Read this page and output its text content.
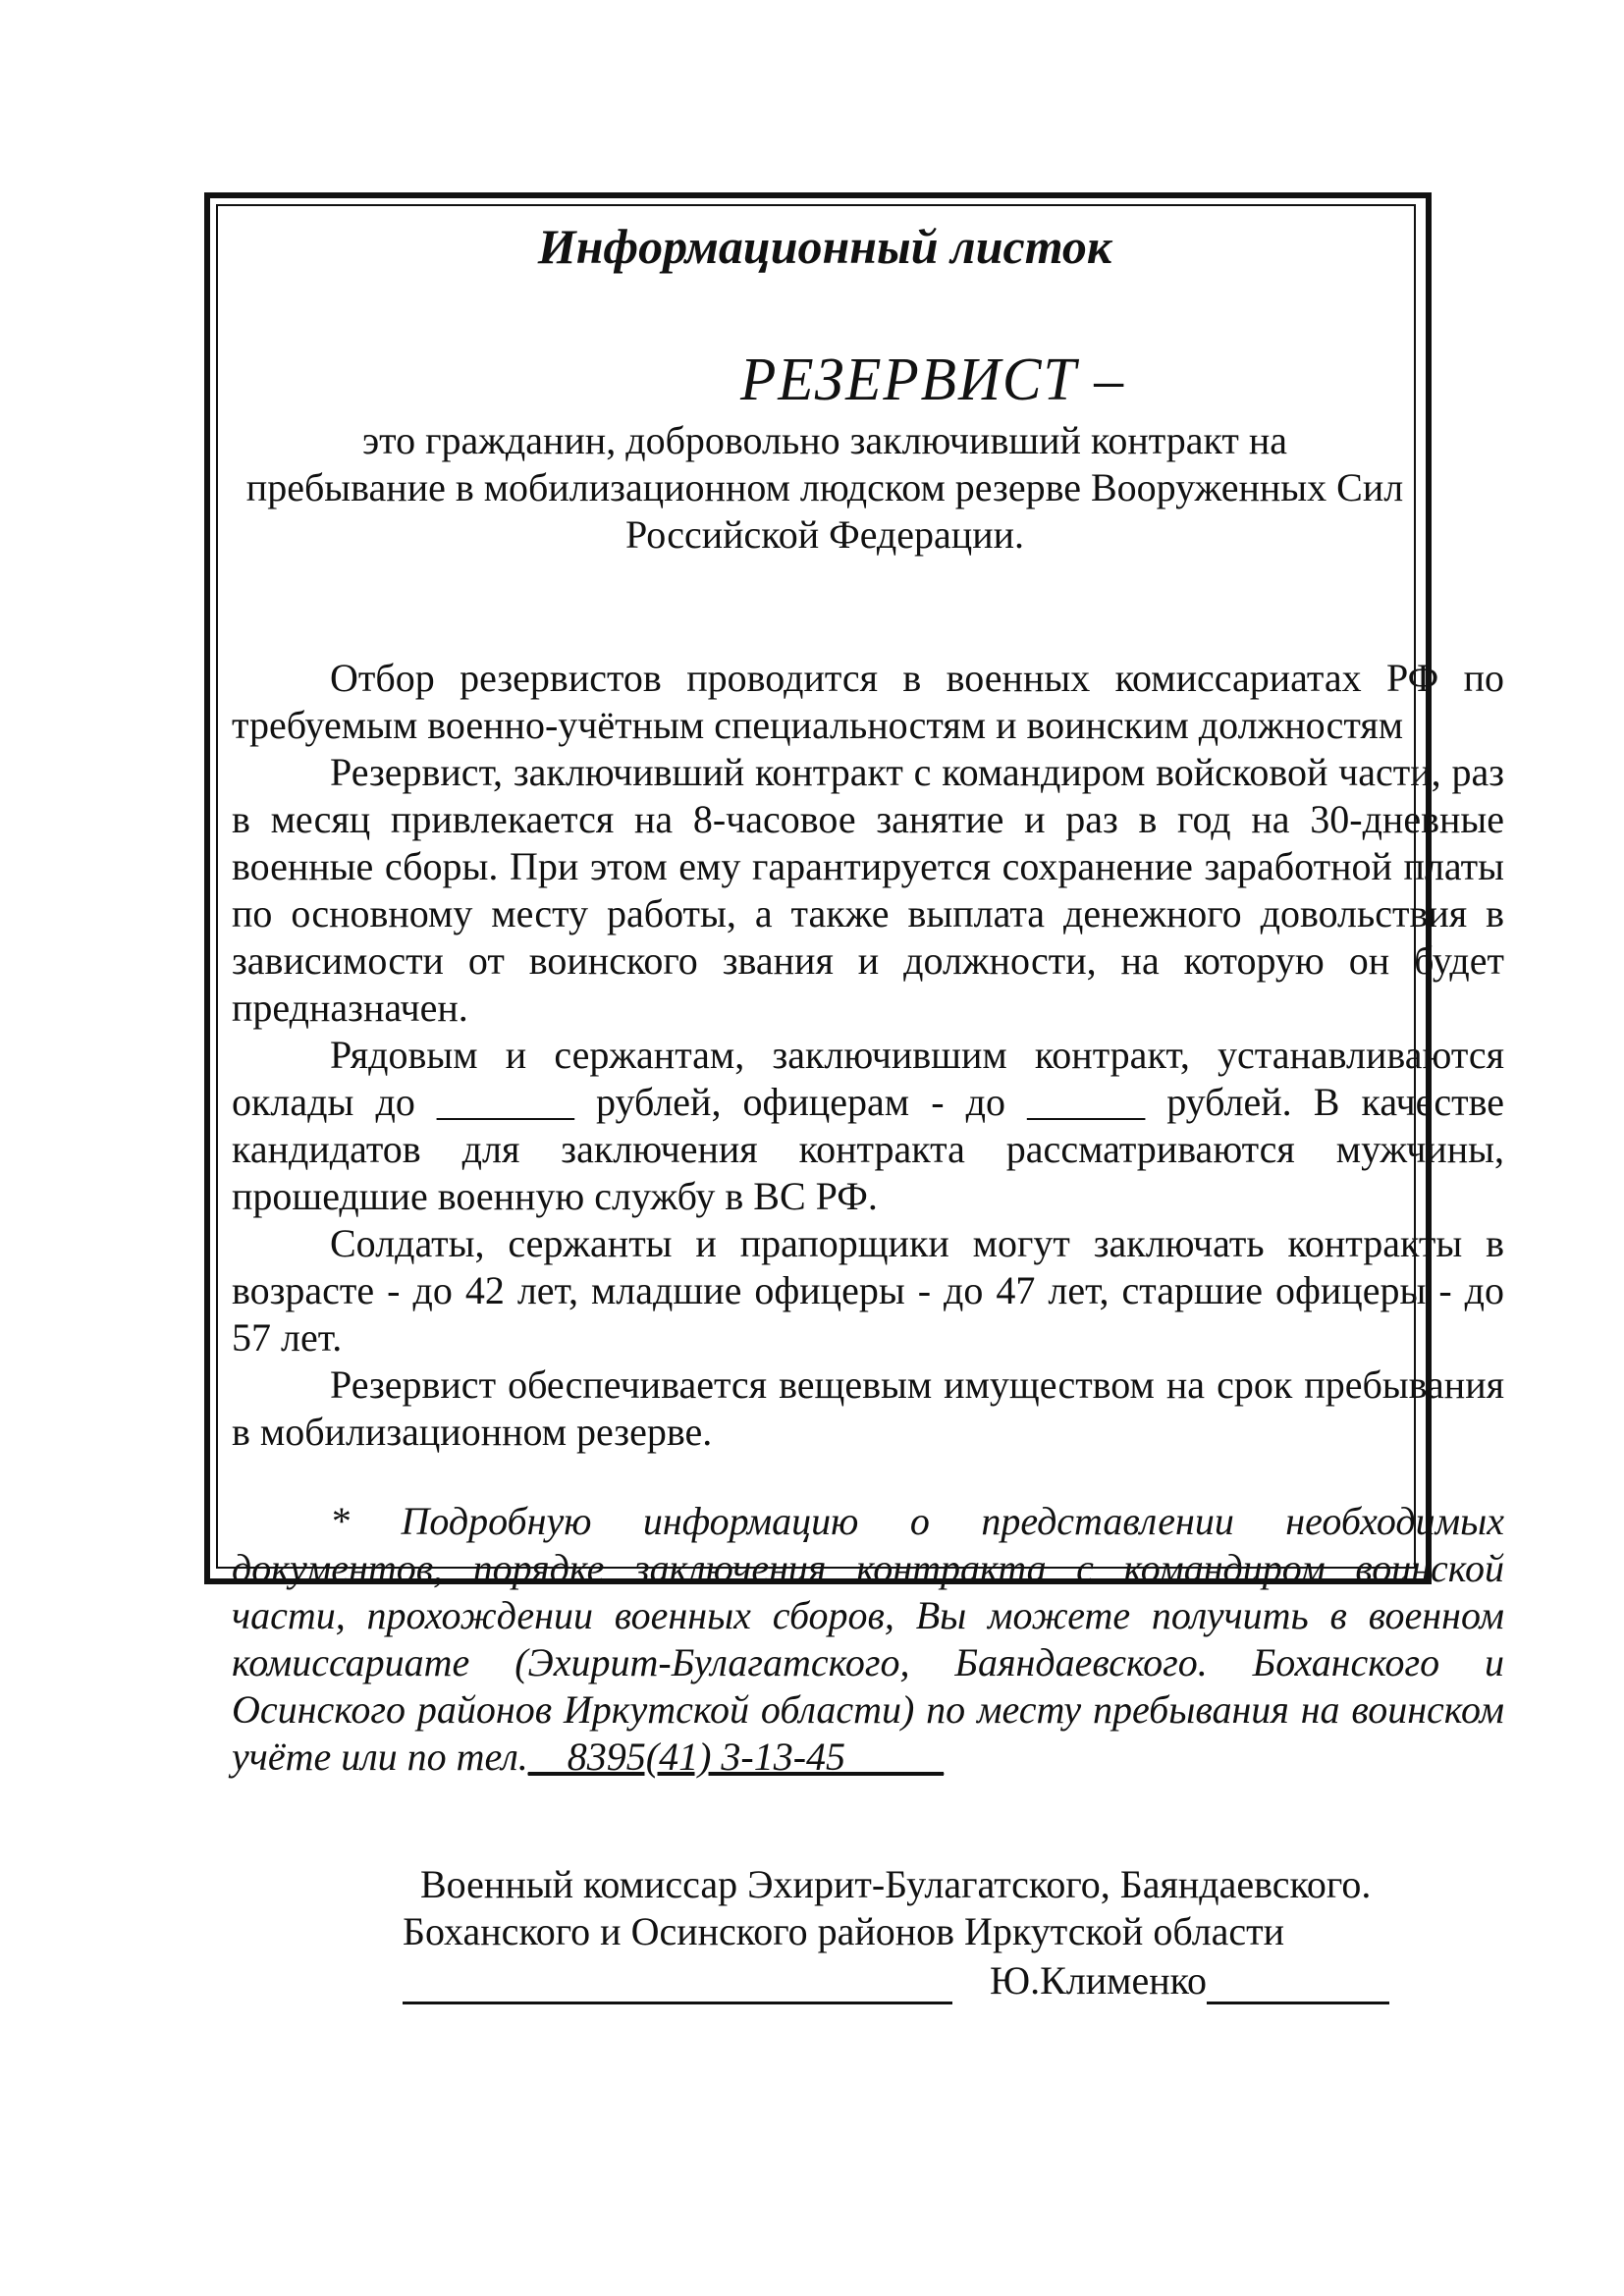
Информационный листок
РЕЗЕРВИСТ –
это гражданин, добровольно заключивший контракт на
пребывание в мобилизационном людском резерве Вооруженных Сил
Российской Федерации.

Отбор резервистов проводится в военных комиссариатах РФ по требуемым военно-учётным специальностям и воинским должностям

Резервист, заключивший контракт с командиром войсковой части, раз в месяц привлекается на 8-часовое занятие и раз в год на 30-дневные военные сборы. При этом ему гарантируется сохранение заработной платы по основному месту работы, а также выплата денежного довольствия в зависимости от воинского звания и должности, на которую он будет предназначен.

Рядовым и сержантам, заключившим контракт, устанавливаются оклады до _______ рублей, офицерам - до ______ рублей. В качестве кандидатов для заключения контракта рассматриваются мужчины, прошедшие военную службу в ВС РФ.

Солдаты, сержанты и прапорщики могут заключать контракты в возрасте - до 42 лет, младшие офицеры - до 47 лет, старшие офицеры - до 57 лет.

Резервист обеспечивается вещевым имуществом на срок пребывания в мобилизационном резерве.

* Подробную информацию о представлении необходимых документов, порядке заключения контракта с командиром воинской части, прохождении военных сборов, Вы можете получить в военном комиссариате (Эхирит-Булагатского, Баяндаевского. Боханского и Осинского районов Иркутской области) по месту пребывания на воинском учёте или по тел.__8395(41) 3-13-45_____

Военный комиссар Эхирит-Булагатского, Баяндаевского.
Боханского и Осинского районов Иркутской области
Ю.Клименко
